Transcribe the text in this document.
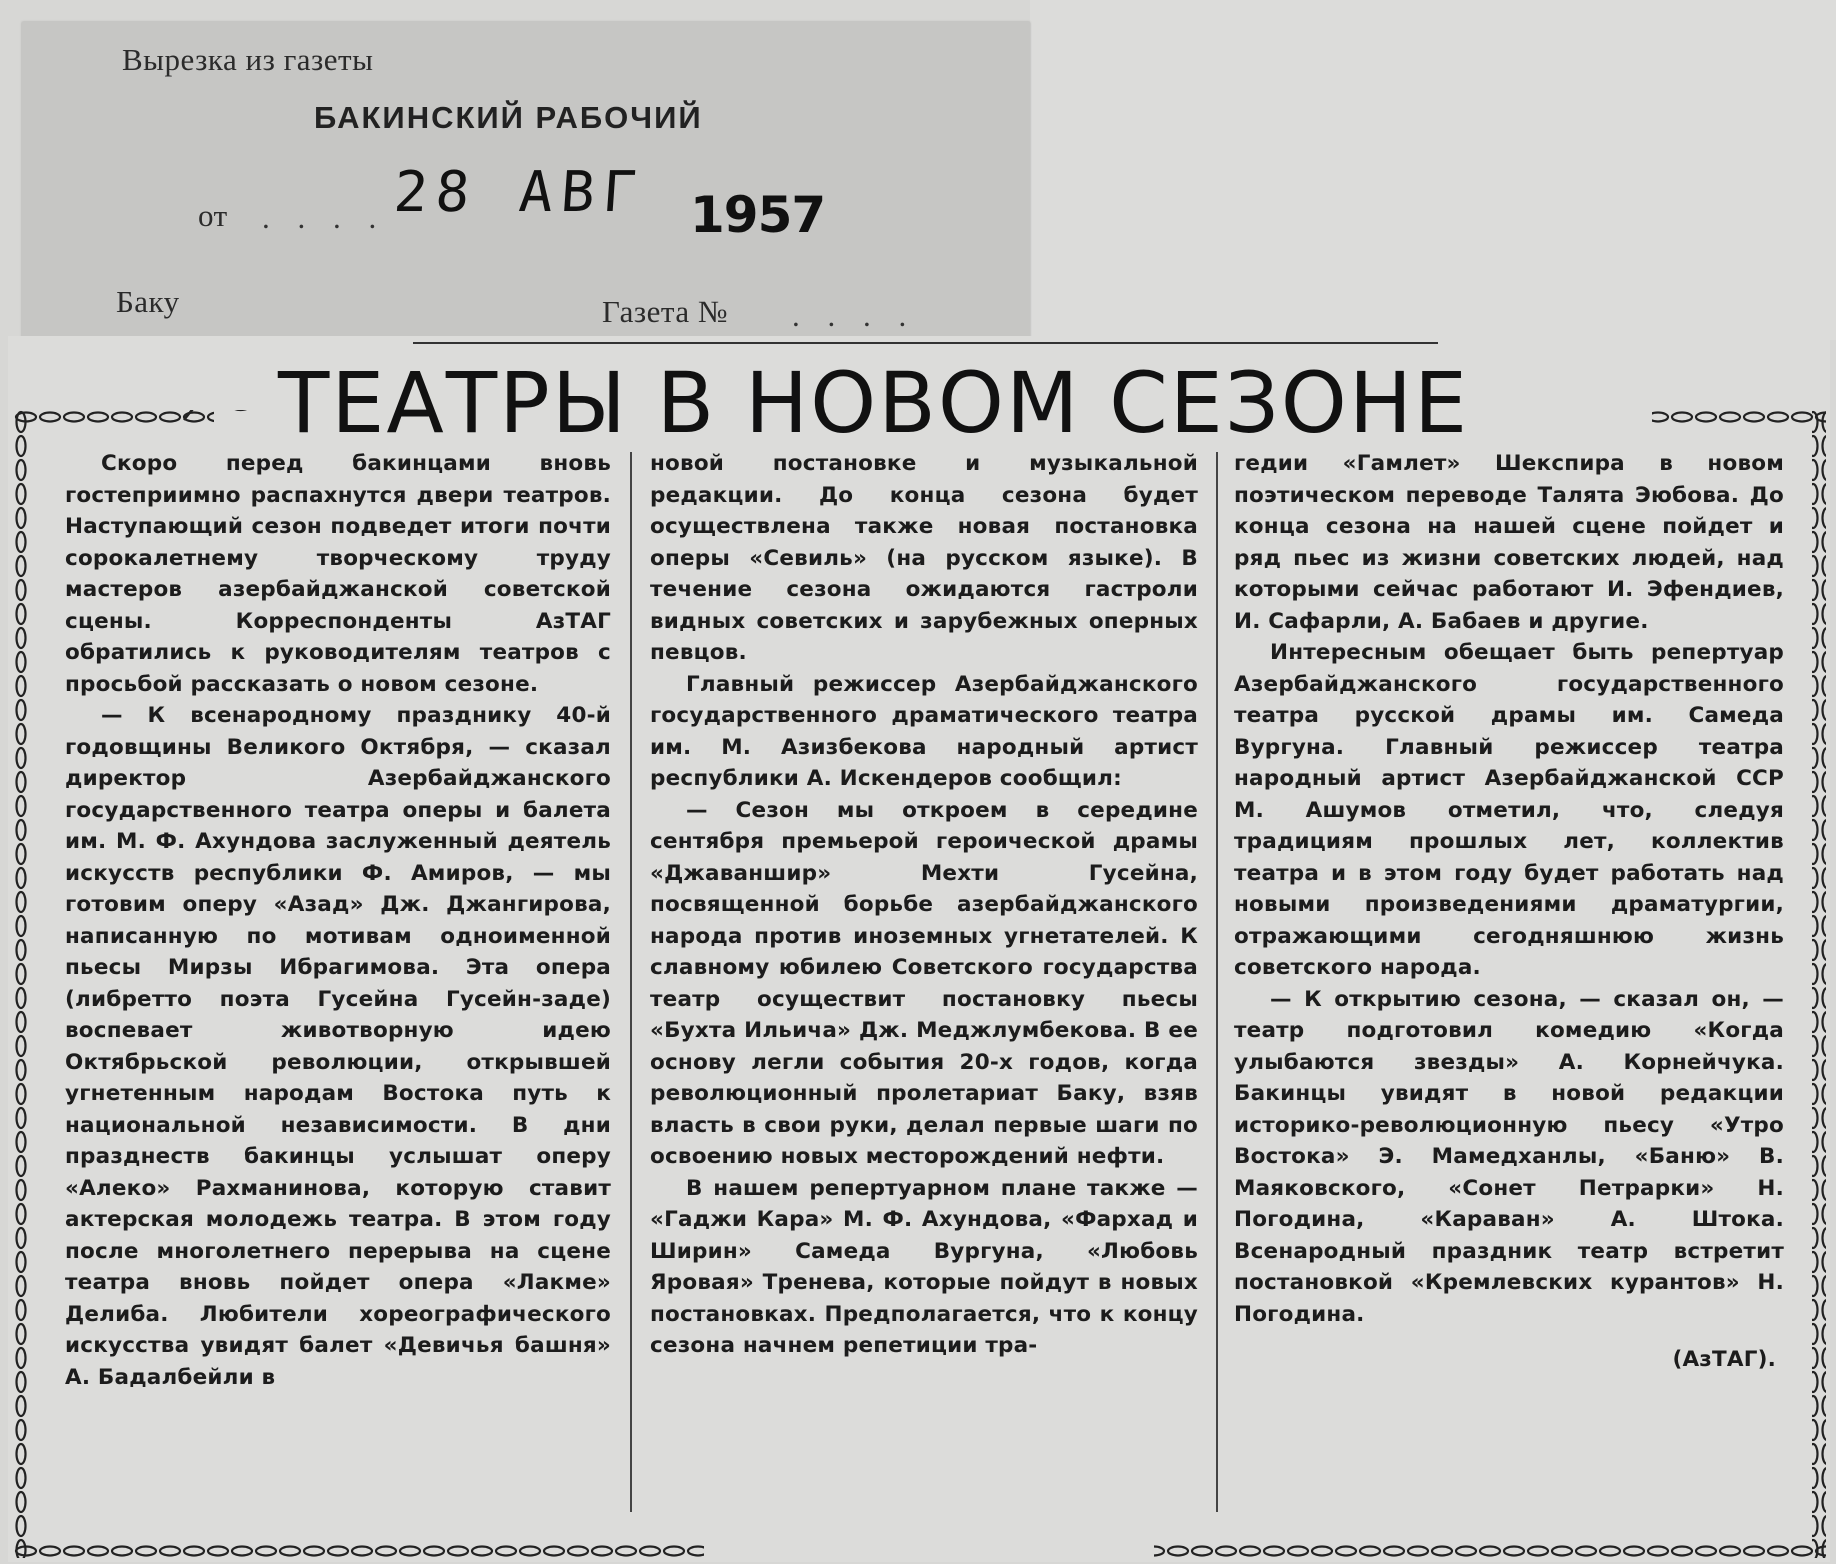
Вырезка из газеты
БАКИНСКИЙ РАБОЧИЙ
от . . . . 28 АВГ 1957
Баку	Газета № . . . .
ТЕАТРЫ В НОВОМ СЕЗОНЕ

Скоро перед бакинцами вновь гостеприимно распахнутся двери театров. Наступающий сезон подведет итоги почти сорокалетнему творческому труду мастеров азербайджанской советской сцены. Корреспонденты АзТАГ обратились к руководителям театров с просьбой рассказать о новом сезоне.

— К всенародному празднику 40-й годовщины Великого Октября, — сказал директор Азербайджанского государственного театра оперы и балета им. М. Ф. Ахундова заслуженный деятель искусств республики Ф. Амиров, — мы готовим оперу «Азад» Дж. Джангирова, написанную по мотивам одноименной пьесы Мирзы Ибрагимова. Эта опера (либретто поэта Гусейна Гусейн-заде) воспевает животворную идею Октябрьской революции, открывшей угнетенным народам Востока путь к национальной независимости. В дни празднеств бакинцы услышат оперу «Алеко» Рахманинова, которую ставит актерская молодежь театра. В этом году после многолетнего перерыва на сцене театра вновь пойдет опера «Лакме» Делиба. Любители хореографического искусства увидят балет «Девичья башня» А. Бадалбейли в

новой постановке и музыкальной редакции. До конца сезона будет осуществлена также новая постановка оперы «Севиль» (на русском языке). В течение сезона ожидаются гастроли видных советских и зарубежных оперных певцов.

Главный режиссер Азербайджанского государственного драматического театра им. М. Азизбекова народный артист республики А. Искендеров сообщил:

— Сезон мы откроем в середине сентября премьерой героической драмы «Джаваншир» Мехти Гусейна, посвященной борьбе азербайджанского народа против иноземных угнетателей. К славному юбилею Советского государства театр осуществит постановку пьесы «Бухта Ильича» Дж. Меджлумбекова. В ее основу легли события 20-х годов, когда революционный пролетариат Баку, взяв власть в свои руки, делал первые шаги по освоению новых месторождений нефти.

В нашем репертуарном плане также — «Гаджи Кара» М. Ф. Ахундова, «Фархад и Ширин» Самеда Вургуна, «Любовь Яровая» Тренева, которые пойдут в новых постановках. Предполагается, что к концу сезона начнем репетиции тра-

гедии «Гамлет» Шекспира в новом поэтическом переводе Талята Эюбова. До конца сезона на нашей сцене пойдет и ряд пьес из жизни советских людей, над которыми сейчас работают И. Эфендиев, И. Сафарли, А. Бабаев и другие.

Интересным обещает быть репертуар Азербайджанского государственного театра русской драмы им. Самеда Вургуна. Главный режиссер театра народный артист Азербайджанской ССР М. Ашумов отметил, что, следуя традициям прошлых лет, коллектив театра и в этом году будет работать над новыми произведениями драматургии, отражающими сегодняшнюю жизнь советского народа.

— К открытию сезона, — сказал он, — театр подготовил комедию «Когда улыбаются звезды» А. Корнейчука. Бакинцы увидят в новой редакции историко-революционную пьесу «Утро Востока» Э. Мамедханлы, «Баню» В. Маяковского, «Сонет Петрарки» Н. Погодина, «Караван» А. Штока. Всенародный праздник театр встретит постановкой «Кремлевских курантов» Н. Погодина.

(АзТАГ).
